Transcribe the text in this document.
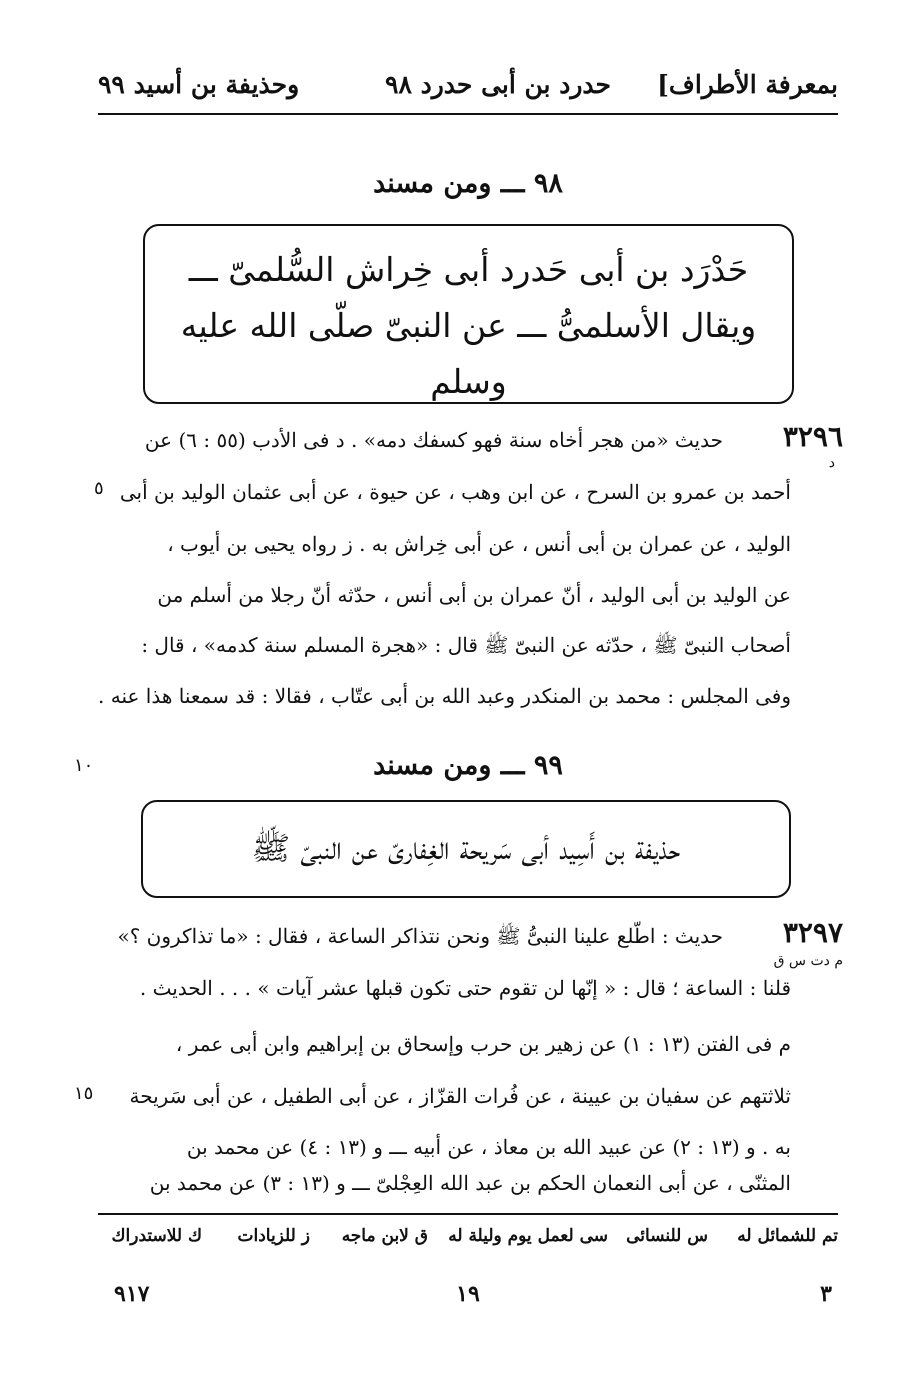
بمعرفة الأطراف]
حدرد بن أبى حدرد ٩٨
وحذيفة بن أسيد ٩٩
٩٨ ـــ ومن مسند
حَدْرَد بن أبى حَدرد أبى خِراش السُّلمىّ ـــ
ويقال الأسلمىُّ ـــ عن النبىّ صلّى الله عليه وسلم
٣٢٩٦
د
حديث «من هجر أخاه سنة فهو كسفك دمه» . د فى الأدب (٥٥ : ٦) عن
أحمد بن عمرو بن السرح ، عن ابن وهب ، عن حيوة ، عن أبى عثمان الوليد بن أبى
الوليد ، عن عمران بن أبى أنس ، عن أبى خِراش به . ز رواه يحيى بن أيوب ،
عن الوليد بن أبى الوليد ، أنّ عمران بن أبى أنس ، حدّثه أنّ رجلا من أسلم من
أصحاب النبىّ ﷺ ، حدّثه عن النبىّ ﷺ قال : «هجرة المسلم سنة كدمه» ، قال :
وفى المجلس : محمد بن المنكدر وعبد الله بن أبى عتّاب ، فقالا : قد سمعنا هذا عنه .
٥
٩٩ ـــ ومن مسند
١٠
حذيفة بن أَسِيد أبى سَريحة الغِفارىّ عن النبىّ ﷺ
٣٢٩٧
م دت س ق
حديث : اطّلع علينا النبىُّ ﷺ ونحن نتذاكر الساعة ، فقال : «ما تذاكرون ؟»
قلنا : الساعة ؛ قال : « إنّها لن تقوم حتى تكون قبلها عشر آيات » . . . الحديث .
م فى الفتن (١٣ : ١) عن زهير بن حرب وإسحاق بن إبراهيم وابن أبى عمر ،
ثلاثتهم عن سفيان بن عيينة ، عن فُرات القزّاز ، عن أبى الطفيل ، عن أبى سَريحة
به . و (١٣ : ٢) عن عبيد الله بن معاذ ، عن أبيه ـــ و (١٣ : ٤) عن محمد بن
المثنّى ، عن أبى النعمان الحكم بن عبد الله العِجْلىّ ـــ و (١٣ : ٣) عن محمد بن
١٥
تم للشمائل له
س للنسائى
سى لعمل يوم وليلة له
ق لابن ماجه
ز للزيادات
ك للاستدراك
٣
١٩
٩١٧
